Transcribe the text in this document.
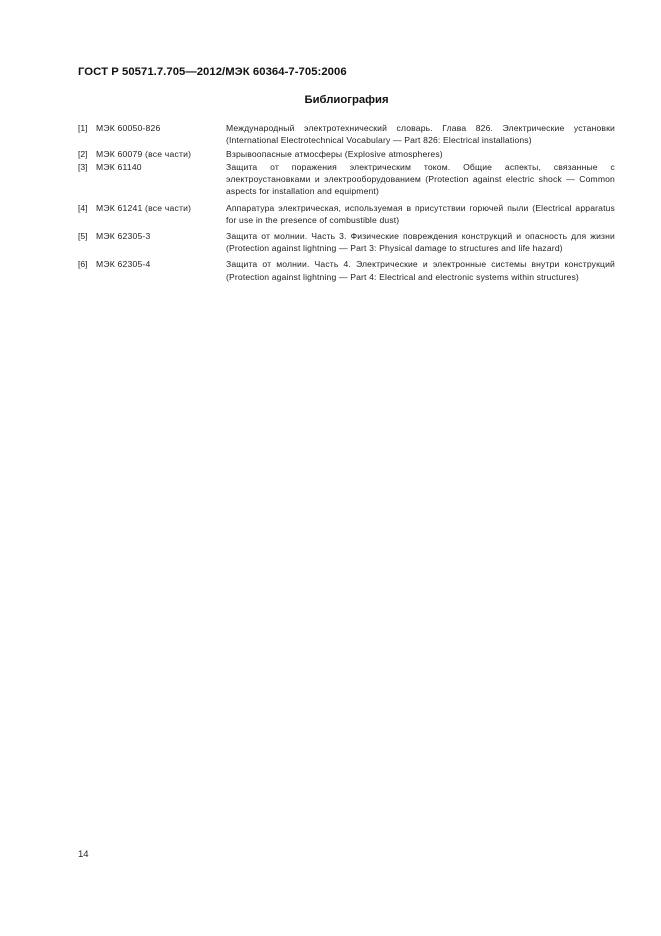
ГОСТ Р 50571.7.705—2012/МЭК 60364-7-705:2006
Библиография
[1] МЭК 60050-826	Международный электротехнический словарь. Глава 826. Электрические установки (International Electrotechnical Vocabulary — Part 826: Electrical installations)
[2] МЭК 60079 (все части)	Взрывоопасные атмосферы (Explosive atmospheres)
[3] МЭК 61140	Защита от поражения электрическим током. Общие аспекты, связанные с электроустановками и электрооборудованием (Protection against electric shock — Common aspects for installation and equipment)
[4] МЭК 61241 (все части)	Аппаратура электрическая, используемая в присутствии горючей пыли (Electrical apparatus for use in the presence of combustible dust)
[5] МЭК 62305-3	Защита от молнии. Часть 3. Физические повреждения конструкций и опасность для жизни (Protection against lightning — Part 3: Physical damage to structures and life hazard)
[6] МЭК 62305-4	Защита от молнии. Часть 4. Электрические и электронные системы внутри конструкций (Protection against lightning — Part 4: Electrical and electronic systems within structures)
14
